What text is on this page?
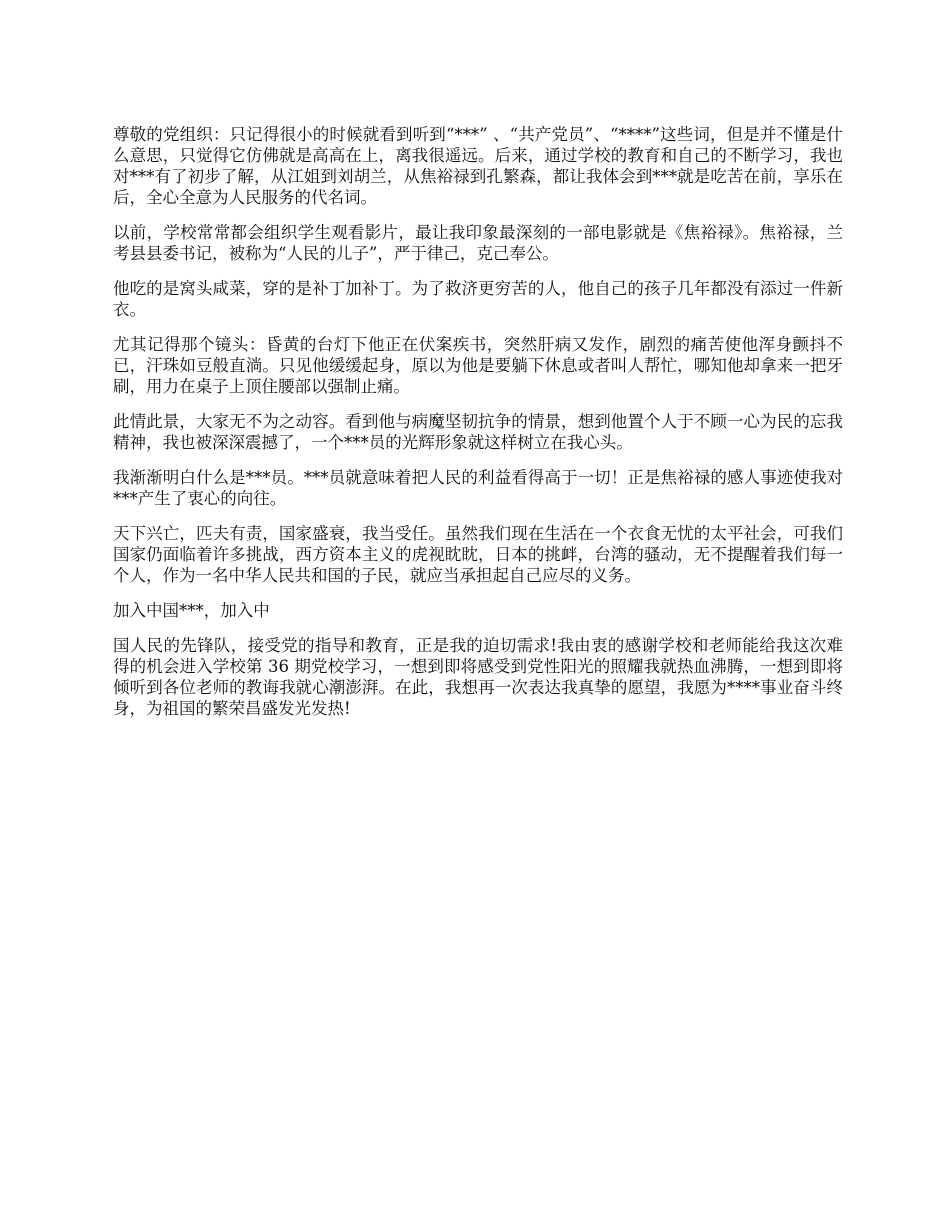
尊敬的党组织：只记得很小的时候就看到听到“***” 、“共产党员”、“****”这些词，但是并不懂是什么意思，只觉得它仿佛就是高高在上，离我很遥远。后来，通过学校的教育和自己的不断学习，我也对***有了初步了解，从江姐到刘胡兰，从焦裕禄到孔繁森，都让我体会到***就是吃苦在前，享乐在后，全心全意为人民服务的代名词。

以前，学校常常都会组织学生观看影片，最让我印象最深刻的一部电影就是《焦裕禄》。焦裕禄，兰考县县委书记，被称为“人民的儿子”，严于律己，克己奉公。

他吃的是窝头咸菜，穿的是补丁加补丁。为了救济更穷苦的人，他自己的孩子几年都没有添过一件新衣。

尤其记得那个镜头：昏黄的台灯下他正在伏案疾书，突然肝病又发作，剧烈的痛苦使他浑身颤抖不已，汗珠如豆般直淌。只见他缓缓起身，原以为他是要躺下休息或者叫人帮忙，哪知他却拿来一把牙刷，用力在桌子上顶住腰部以强制止痛。

此情此景，大家无不为之动容。看到他与病魔坚韧抗争的情景，想到他置个人于不顾一心为民的忘我精神，我也被深深震撼了，一个***员的光辉形象就这样树立在我心头。

我渐渐明白什么是***员。***员就意味着把人民的利益看得高于一切！正是焦裕禄的感人事迹使我对***产生了衷心的向往。

天下兴亡，匹夫有责，国家盛衰，我当受任。虽然我们现在生活在一个衣食无忧的太平社会，可我们国家仍面临着许多挑战，西方资本主义的虎视眈眈，日本的挑衅，台湾的骚动，无不提醒着我们每一个人，作为一名中华人民共和国的子民，就应当承担起自己应尽的义务。

加入中国***，加入中

国人民的先锋队，接受党的指导和教育，正是我的迫切需求!我由衷的感谢学校和老师能给我这次难得的机会进入学校第 36 期党校学习，一想到即将感受到党性阳光的照耀我就热血沸腾，一想到即将倾听到各位老师的教诲我就心潮澎湃。在此，我想再一次表达我真挚的愿望，我愿为****事业奋斗终身，为祖国的繁荣昌盛发光发热!
